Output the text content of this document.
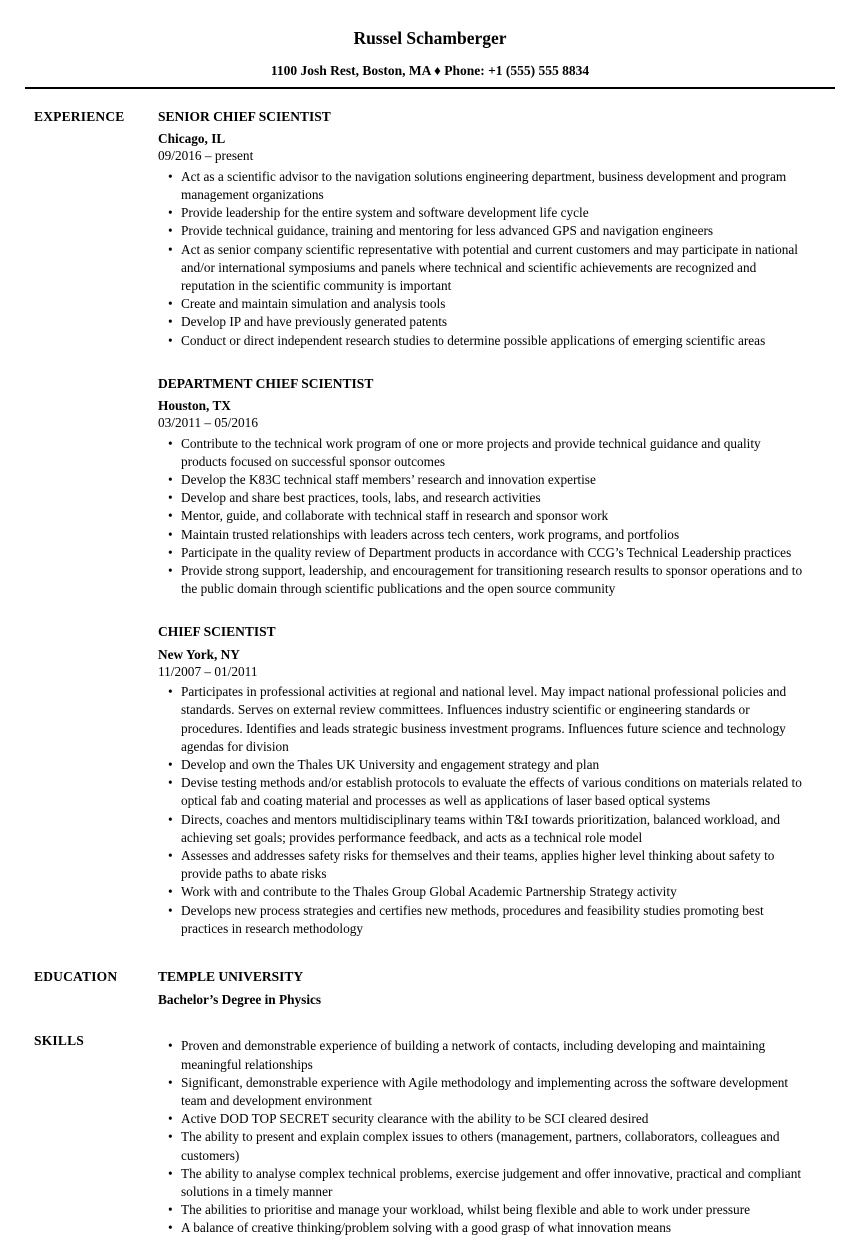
Russel Schamberger
1100 Josh Rest, Boston, MA ♦ Phone: +1 (555) 555 8834
EXPERIENCE	SENIOR CHIEF SCIENTIST
Chicago, IL
09/2016 – present
• Act as a scientific advisor to the navigation solutions engineering department, business development and program management organizations
• Provide leadership for the entire system and software development life cycle
• Provide technical guidance, training and mentoring for less advanced GPS and navigation engineers
• Act as senior company scientific representative with potential and current customers and may participate in national and/or international symposiums and panels where technical and scientific achievements are recognized and reputation in the scientific community is important
• Create and maintain simulation and analysis tools
• Develop IP and have previously generated patents
• Conduct or direct independent research studies to determine possible applications of emerging scientific areas
DEPARTMENT CHIEF SCIENTIST
Houston, TX
03/2011 – 05/2016
• Contribute to the technical work program of one or more projects and provide technical guidance and quality products focused on successful sponsor outcomes
• Develop the K83C technical staff members’ research and innovation expertise
• Develop and share best practices, tools, labs, and research activities
• Mentor, guide, and collaborate with technical staff in research and sponsor work
• Maintain trusted relationships with leaders across tech centers, work programs, and portfolios
• Participate in the quality review of Department products in accordance with CCG’s Technical Leadership practices
• Provide strong support, leadership, and encouragement for transitioning research results to sponsor operations and to the public domain through scientific publications and the open source community
CHIEF SCIENTIST
New York, NY
11/2007 – 01/2011
• Participates in professional activities at regional and national level. May impact national professional policies and standards. Serves on external review committees. Influences industry scientific or engineering standards or procedures. Identifies and leads strategic business investment programs. Influences future science and technology agendas for division
• Develop and own the Thales UK University and engagement strategy and plan
• Devise testing methods and/or establish protocols to evaluate the effects of various conditions on materials related to optical fab and coating material and processes as well as applications of laser based optical systems
• Directs, coaches and mentors multidisciplinary teams within T&I towards prioritization, balanced workload, and achieving set goals; provides performance feedback, and acts as a technical role model
• Assesses and addresses safety risks for themselves and their teams, applies higher level thinking about safety to provide paths to abate risks
• Work with and contribute to the Thales Group Global Academic Partnership Strategy activity
• Develops new process strategies and certifies new methods, procedures and feasibility studies promoting best practices in research methodology
EDUCATION	TEMPLE UNIVERSITY
Bachelor’s Degree in Physics
SKILLS	• Proven and demonstrable experience of building a network of contacts, including developing and maintaining meaningful relationships
• Significant, demonstrable experience with Agile methodology and implementing across the software development team and development environment
• Active DOD TOP SECRET security clearance with the ability to be SCI cleared desired
• The ability to present and explain complex issues to others (management, partners, collaborators, colleagues and customers)
• The ability to analyse complex technical problems, exercise judgement and offer innovative, practical and compliant solutions in a timely manner
• The abilities to prioritise and manage your workload, whilst being flexible and able to work under pressure
• A balance of creative thinking/problem solving with a good grasp of what innovation means
